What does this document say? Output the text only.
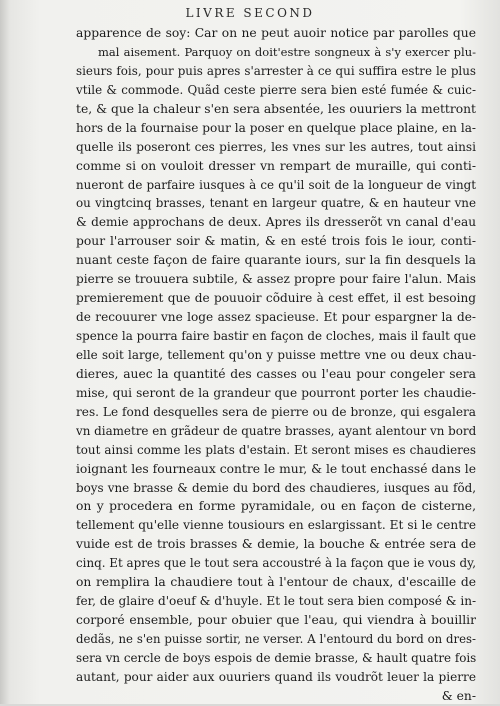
LIVRE SECOND
apparence de soy: Car on ne peut auoir notice par parolles que
mal aisement. Parquoy on doit'estre songneux à s'y exercer plu-
sieurs fois, pour puis apres s'arrester à ce qui suffira estre le plus
vtile & commode. Quãd ceste pierre sera bien esté fumée & cuic-
te, & que la chaleur s'en sera absentée, les ouuriers la mettront
hors de la fournaise pour la poser en quelque place plaine, en la-
quelle ils poseront ces pierres, les vnes sur les autres, tout ainsi
comme si on vouloit dresser vn rempart de muraille, qui conti-
nueront de parfaire iusques à ce qu'il soit de la longueur de vingt
ou vingtcinq brasses, tenant en largeur quatre, & en hauteur vne
& demie approchans de deux. Apres ils dresserõt vn canal d'eau
pour l'arrouser soir & matin, & en esté trois fois le iour, conti-
nuant ceste façon de faire quarante iours, sur la fin desquels la
pierre se trouuera subtile, & assez propre pour faire l'alun. Mais
premierement que de pouuoir cõduire à cest effet, il est besoing
de recouurer vne loge assez spacieuse. Et pour espargner la de-
spence la pourra faire bastir en façon de cloches, mais il fault que
elle soit large, tellement qu'on y puisse mettre vne ou deux chau-
dieres, auec la quantité des casses ou l'eau pour congeler sera
mise, qui seront de la grandeur que pourront porter les chaudie-
res. Le fond desquelles sera de pierre ou de bronze, qui esgalera
vn diametre en grãdeur de quatre brasses, ayant alentour vn bord
tout ainsi comme les plats d'estain. Et seront mises es chaudieres
ioignant les fourneaux contre le mur, & le tout enchassé dans le
boys vne brasse & demie du bord des chaudieres, iusques au fõd,
on y procedera en forme pyramidale, ou en façon de cisterne,
tellement qu'elle vienne tousiours en eslargissant. Et si le centre
vuide est de trois brasses & demie, la bouche & entrée sera de
cinq. Et apres que le tout sera accoustré à la façon que ie vous dy,
on remplira la chaudiere tout à l'entour de chaux, d'escaille de
fer, de glaire d'oeuf & d'huyle. Et le tout sera bien composé & in-
corporé ensemble, pour obuier que l'eau, qui viendra à bouillir
dedãs, ne s'en puisse sortir, ne verser. A l'entourd du bord on dres-
sera vn cercle de boys espois de demie brasse, & hault quatre fois
autant, pour aider aux ouuriers quand ils voudrõt leuer la pierre
& en-
